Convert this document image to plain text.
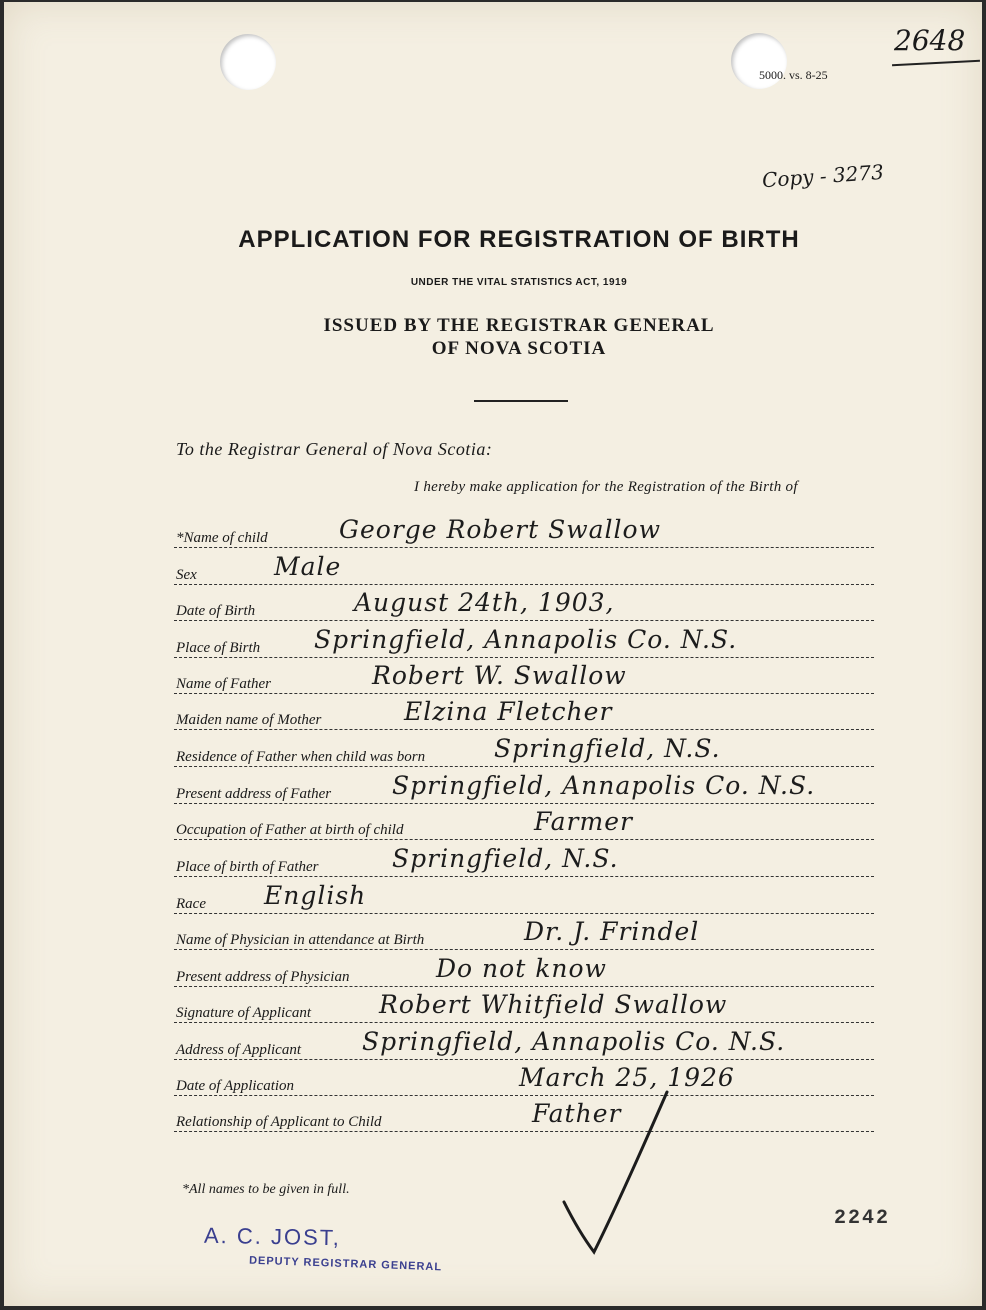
5000. vs. 8-25
2648
Copy - 3273
APPLICATION FOR REGISTRATION OF BIRTH
UNDER THE VITAL STATISTICS ACT, 1919
ISSUED BY THE REGISTRAR GENERAL
OF NOVA SCOTIA
To the Registrar General of Nova Scotia:
I hereby make application for the Registration of the Birth of
*Name of child	George Robert Swallow
Sex	Male
Date of Birth	August 24th, 1903,
Place of Birth Springfield, Annapolis Co. N.S.
Name of Father	Robert W. Swallow
Maiden name of Mother	Elzina Fletcher
Residence of Father when child was born	Springfield, N.S.
Present address of Father Springfield, Annapolis Co. N.S.
Occupation of Father at birth of child	Farmer
Place of birth of Father	Springfield, N.S.
Race English
Name of Physician in attendance at Birth	Dr. J. Frindel
Present address of Physician	Do not know
Signature of Applicant	Robert Whitfield Swallow
Address of Applicant Springfield, Annapolis Co. N.S.
Date of Application	March 25, 1926
Relationship of Applicant to Child	Father
*All names to be given in full.
2242
A. C. JOST,
DEPUTY REGISTRAR GENERAL
